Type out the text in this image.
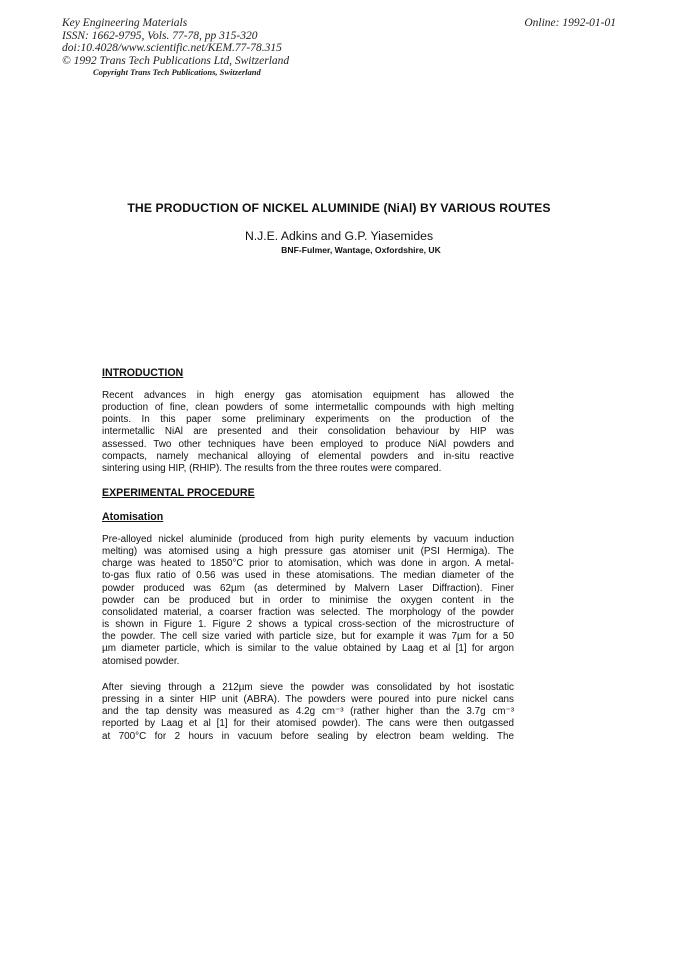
Key Engineering Materials
ISSN: 1662-9795, Vols. 77-78, pp 315-320
doi:10.4028/www.scientific.net/KEM.77-78.315
© 1992 Trans Tech Publications Ltd, Switzerland
Online: 1992-01-01
Copyright Trans Tech Publications, Switzerland
THE PRODUCTION OF NICKEL ALUMINIDE (NiAl) BY VARIOUS ROUTES
N.J.E. Adkins and G.P. Yiasemides
BNF-Fulmer, Wantage, Oxfordshire, UK
INTRODUCTION
Recent advances in high energy gas atomisation equipment has allowed the
production of fine, clean powders of some intermetallic compounds with high melting
points. In this paper some preliminary experiments on the production of the
intermetallic NiAl are presented and their consolidation behaviour by HIP was
assessed. Two other techniques have been employed to produce NiAl powders and
compacts, namely mechanical alloying of elemental powders and in-situ reactive
sintering using HIP, (RHIP). The results from the three routes were compared.
EXPERIMENTAL PROCEDURE
Atomisation
Pre-alloyed nickel aluminide (produced from high purity elements by vacuum induction
melting) was atomised using a high pressure gas atomiser unit (PSI Hermiga). The
charge was heated to 1850°C prior to atomisation, which was done in argon. A metal-
to-gas flux ratio of 0.56 was used in these atomisations. The median diameter of the
powder produced was 62µm (as determined by Malvern Laser Diffraction). Finer
powder can be produced but in order to minimise the oxygen content in the
consolidated material, a coarser fraction was selected. The morphology of the powder
is shown in Figure 1. Figure 2 shows a typical cross-section of the microstructure of
the powder. The cell size varied with particle size, but for example it was 7µm for a 50
µm diameter particle, which is similar to the value obtained by Laag et al [1] for argon
atomised powder.
After sieving through a 212µm sieve the powder was consolidated by hot isostatic
pressing in a sinter HIP unit (ABRA). The powders were poured into pure nickel cans
and the tap density was measured as 4.2g cm⁻³ (rather higher than the 3.7g cm⁻³
reported by Laag et al [1] for their atomised powder). The cans were then outgassed
at 700°C for 2 hours in vacuum before sealing by electron beam welding. The
